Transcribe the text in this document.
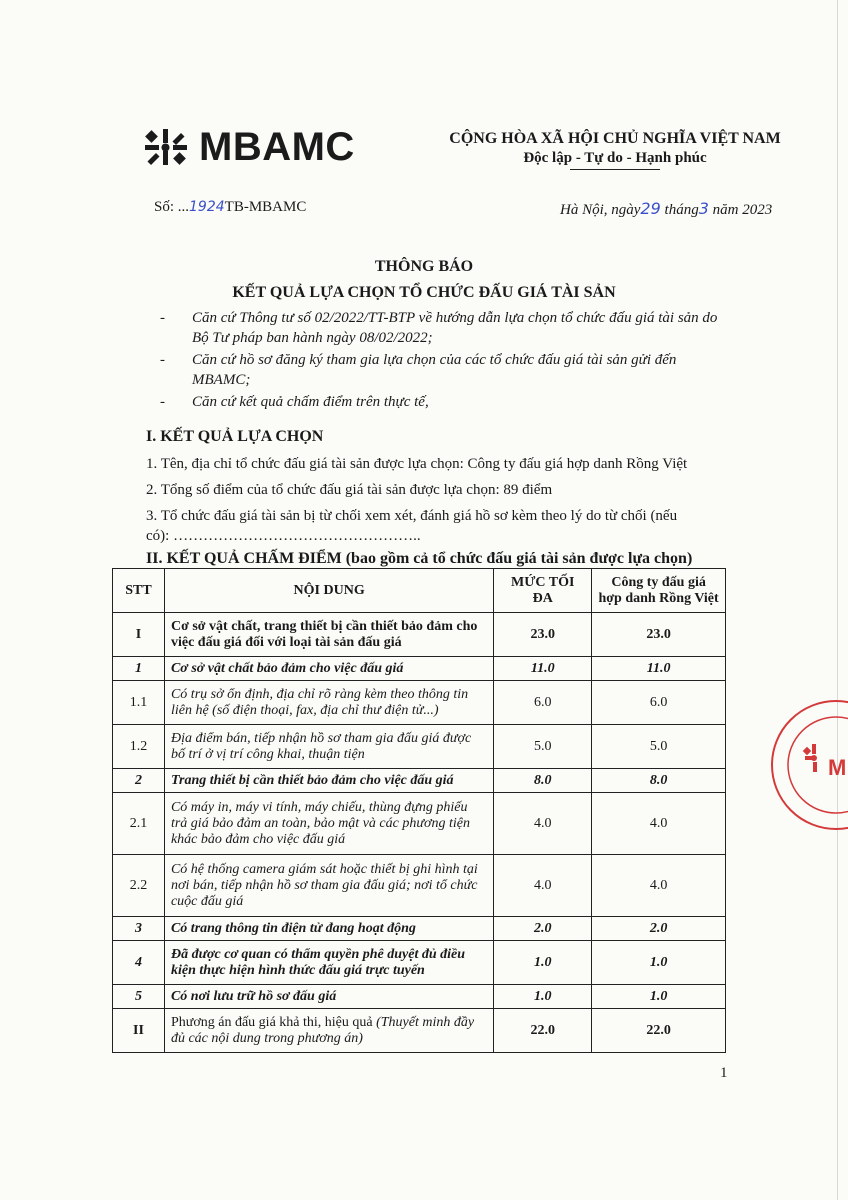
MBAMC	CỘNG HÒA XÃ HỘI CHỦ NGHĨA VIỆT NAM
Độc lập - Tự do - Hạnh phúc
Số: ...1924TB-MBAMC	Hà Nội, ngày29 tháng3 năm 2023
THÔNG BÁO
KẾT QUẢ LỰA CHỌN TỔ CHỨC ĐẤU GIÁ TÀI SẢN
- Căn cứ Thông tư số 02/2022/TT-BTP về hướng dẫn lựa chọn tổ chức đấu giá tài sản do
Bộ Tư pháp ban hành ngày 08/02/2022;
- Căn cứ hồ sơ đăng ký tham gia lựa chọn của các tổ chức đấu giá tài sản gửi đến
MBAMC;
- Căn cứ kết quả chấm điểm trên thực tế,
I. KẾT QUẢ LỰA CHỌN
1. Tên, địa chỉ tổ chức đấu giá tài sản được lựa chọn: Công ty đấu giá hợp danh Rồng Việt
2. Tổng số điểm của tổ chức đấu giá tài sản được lựa chọn: 89 điểm
3. Tổ chức đấu giá tài sản bị từ chối xem xét, đánh giá hồ sơ kèm theo lý do từ chối (nếu
có): …………………………………………..
II. KẾT QUẢ CHẤM ĐIỂM (bao gồm cả tổ chức đấu giá tài sản được lựa chọn)
STT	NỘI DUNG	MỨC TỐI ĐA	Công ty đấu giá hợp danh Rồng Việt
I	Cơ sở vật chất, trang thiết bị cần thiết bảo đảm cho việc đấu giá đối với loại tài sản đấu giá	23.0	23.0
1	Cơ sở vật chất bảo đảm cho việc đấu giá	11.0	11.0
1.1	Có trụ sở ổn định, địa chỉ rõ ràng kèm theo thông tin liên hệ (số điện thoại, fax, địa chỉ thư điện tử...)	6.0	6.0
1.2	Địa điểm bán, tiếp nhận hồ sơ tham gia đấu giá được bố trí ở vị trí công khai, thuận tiện	5.0	5.0
2	Trang thiết bị cần thiết bảo đảm cho việc đấu giá	8.0	8.0
2.1	Có máy in, máy vi tính, máy chiếu, thùng đựng phiếu trả giá bảo đảm an toàn, bảo mật và các phương tiện khác bảo đảm cho việc đấu giá	4.0	4.0
2.2	Có hệ thống camera giám sát hoặc thiết bị ghi hình tại nơi bán, tiếp nhận hồ sơ tham gia đấu giá; nơi tổ chức cuộc đấu giá	4.0	4.0
3	Có trang thông tin điện tử đang hoạt động	2.0	2.0
4	Đã được cơ quan có thẩm quyền phê duyệt đủ điều kiện thực hiện hình thức đấu giá trực tuyến	1.0	1.0
5	Có nơi lưu trữ hồ sơ đấu giá	1.0	1.0
II	Phương án đấu giá khả thi, hiệu quả (Thuyết minh đầy đủ các nội dung trong phương án)	22.0	22.0
1
M
